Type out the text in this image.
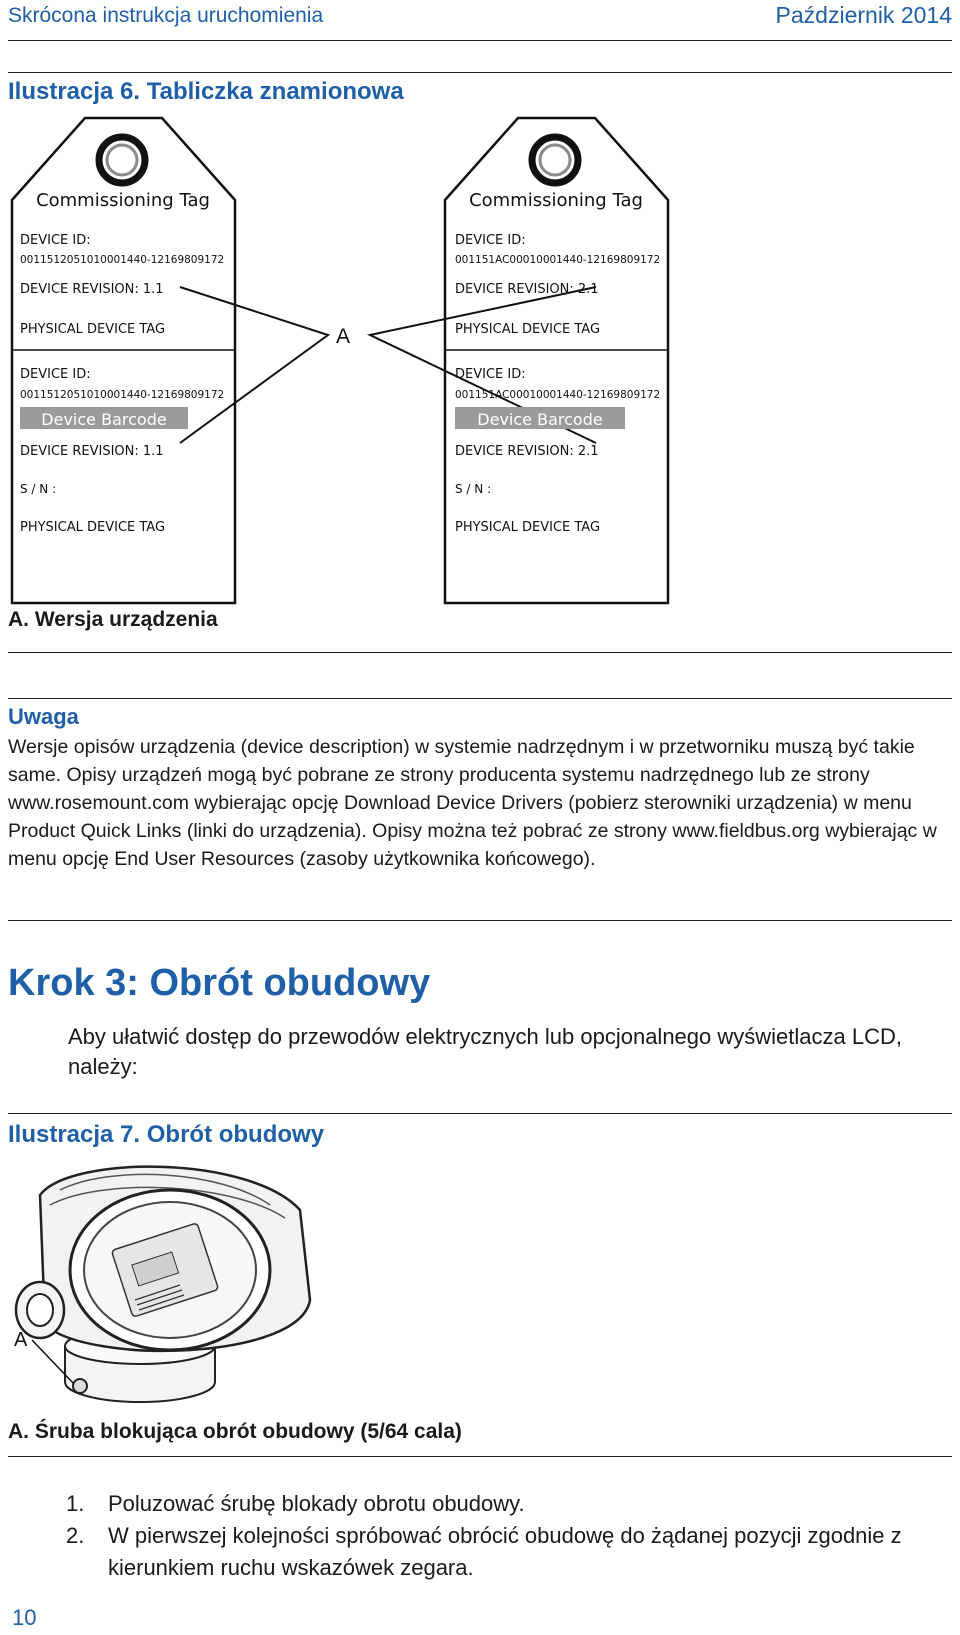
Skrócona instrukcja uruchomienia	Październik 2014
Ilustracja 6. Tabliczka znamionowa
A
Commissioning Tag
DEVICE ID:
0011512051010001440-12169809172
DEVICE REVISION: 1.1
PHYSICAL DEVICE TAG
DEVICE ID:
0011512051010001440-12169809172
Device Barcode
DEVICE REVISION: 1.1
S / N :
PHYSICAL DEVICE TAG
Commissioning Tag
DEVICE ID:
001151AC00010001440-12169809172
DEVICE REVISION: 2.1
PHYSICAL DEVICE TAG
DEVICE ID:
001151AC00010001440-12169809172
Device Barcode
DEVICE REVISION: 2.1
S / N :
PHYSICAL DEVICE TAG
A. Wersja urządzenia
Uwaga
Wersje opisów urządzenia (device description) w systemie nadrzędnym i w przetworniku muszą być takie same. Opisy urządzeń mogą być pobrane ze strony producenta systemu nadrzędnego lub ze strony www.rosemount.com wybierając opcję Download Device Drivers (pobierz sterowniki urządzenia) w menu Product Quick Links (linki do urządzenia). Opisy można też pobrać ze strony www.fieldbus.org wybierając w menu opcję End User Resources (zasoby użytkownika końcowego).
Krok 3: Obrót obudowy
Aby ułatwić dostęp do przewodów elektrycznych lub opcjonalnego wyświetlacza LCD, należy:
Ilustracja 7. Obrót obudowy
A
A. Śruba blokująca obrót obudowy (5/64 cala)
1. Poluzować śrubę blokady obrotu obudowy.
2. W pierwszej kolejności spróbować obrócić obudowę do żądanej pozycji zgodnie z kierunkiem ruchu wskazówek zegara.
10
